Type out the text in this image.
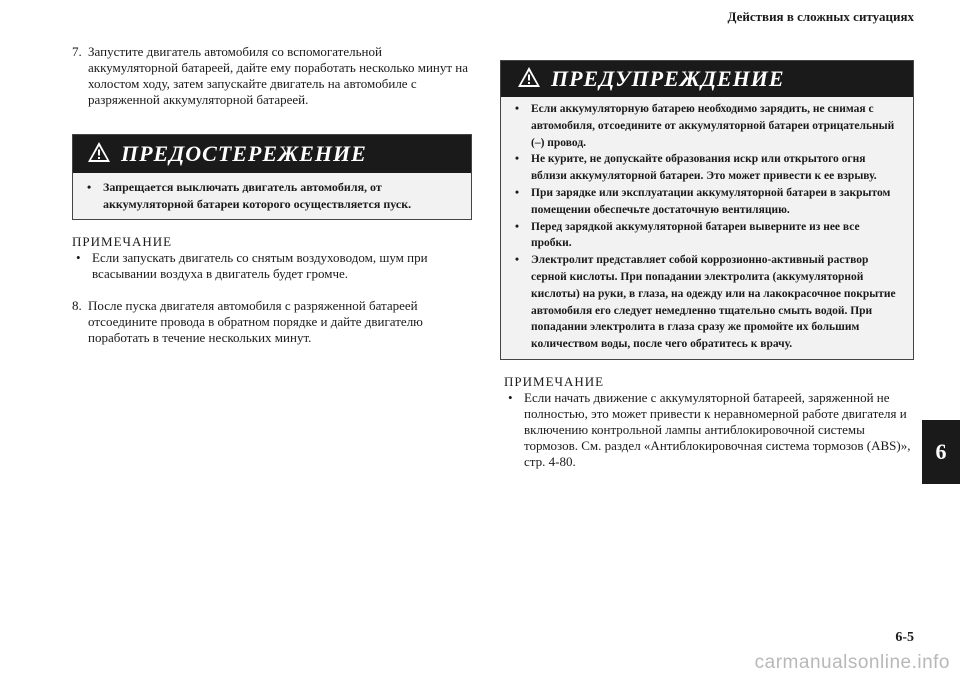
Действия в сложных ситуациях
7. Запустите двигатель автомобиля со вспомогательной аккумуляторной батареей, дайте ему поработать несколько минут на холостом ходу, затем запускайте двигатель на автомобиле с разряженной аккумуляторной батареей.
ПРЕДОСТЕРЕЖЕНИЕ
• Запрещается выключать двигатель автомобиля, от аккумуляторной батареи которого осуществляется пуск.
ПРИМЕЧАНИЕ
• Если запускать двигатель со снятым воздуховодом, шум при всасывании воздуха в двигатель будет громче.
8. После пуска двигателя автомобиля с разряженной батареей отсоедините провода в обратном порядке и дайте двигателю поработать в течение нескольких минут.
ПРЕДУПРЕЖДЕНИЕ
•	Если аккумуляторную батарею необходимо зарядить, не снимая с автомобиля, отсоедините от аккумуляторной батареи отрицательный (–) провод.
•	Не курите, не допускайте образования искр или открытого огня вблизи аккумуляторной батареи. Это может привести к ее взрыву.
•	При зарядке или эксплуатации аккумуляторной батареи в закрытом помещении обеспечьте достаточную вентиляцию.
•	Перед зарядкой аккумуляторной батареи выверните из нее все пробки.
•	Электролит представляет собой коррозионно-активный раствор серной кислоты. При попадании электролита (аккумуляторной кислоты) на руки, в глаза, на одежду или на лакокрасочное покрытие автомобиля его следует немедленно тщательно смыть водой. При попадании электролита в глаза сразу же промойте их большим количеством воды, после чего обратитесь к врачу.
ПРИМЕЧАНИЕ
• Если начать движение с аккумуляторной батареей, заряженной не полностью, это может привести к неравномерной работе двигателя и включению контрольной лампы антиблокировочной системы тормозов. См. раздел «Антиблокировочная система тормозов (ABS)», стр. 4-80.	6
6-5
carmanualsonline.info
